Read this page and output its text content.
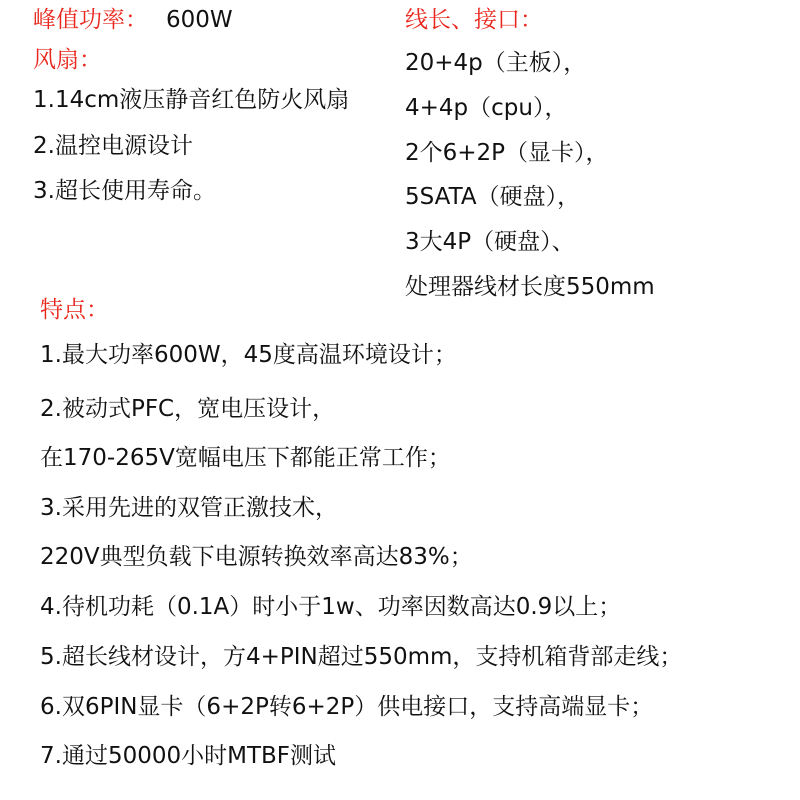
峰值功率： 600W
风扇：
1.14cm液压静音红色防火风扇
2.温控电源设计
3.超长使用寿命。
线长、接口：
20+4p（主板），
4+4p（cpu），
2个6+2P（显卡），
5SATA（硬盘），
3大4P（硬盘）、
处理器线材长度550mm
特点：
1.最大功率600W，45度高温环境设计；
2.被动式PFC，宽电压设计，
在170-265V宽幅电压下都能正常工作；
3.采用先进的双管正激技术，
220V典型负载下电源转换效率高达83%；
4.待机功耗（0.1A）时小于1w、功率因数高达0.9以上；
5.超长线材设计，方4+PIN超过550mm，支持机箱背部走线；
6.双6PIN显卡（6+2P转6+2P）供电接口，支持高端显卡；
7.通过50000小时MTBF测试
